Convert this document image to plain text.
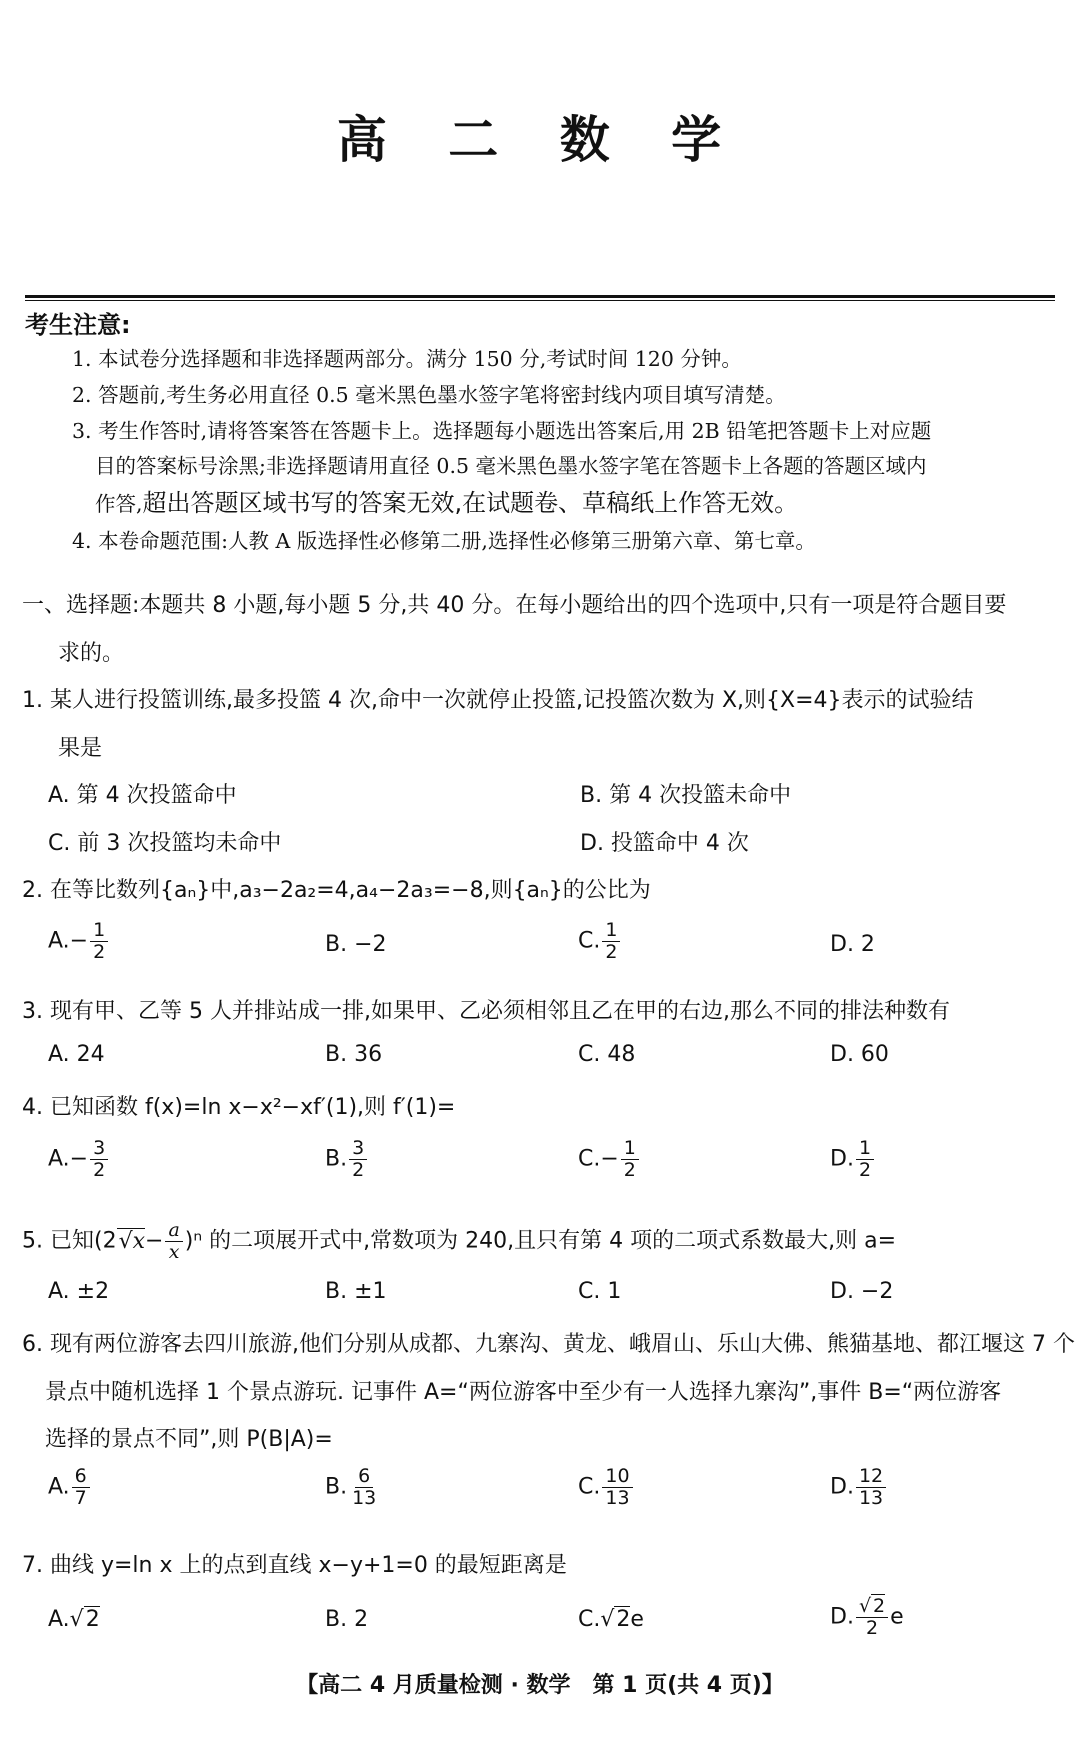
高 二 数 学
考生注意:
1. 本试卷分选择题和非选择题两部分。满分 150 分,考试时间 120 分钟。
2. 答题前,考生务必用直径 0.5 毫米黑色墨水签字笔将密封线内项目填写清楚。
3. 考生作答时,请将答案答在答题卡上。选择题每小题选出答案后,用 2B 铅笔把答题卡上对应题
目的答案标号涂黑;非选择题请用直径 0.5 毫米黑色墨水签字笔在答题卡上各题的答题区域内
作答,超出答题区域书写的答案无效,在试题卷、草稿纸上作答无效。
4. 本卷命题范围:人教 A 版选择性必修第二册,选择性必修第三册第六章、第七章。
一、选择题:本题共 8 小题,每小题 5 分,共 40 分。在每小题给出的四个选项中,只有一项是符合题目要
求的。
1. 某人进行投篮训练,最多投篮 4 次,命中一次就停止投篮,记投篮次数为 X,则{X=4}表示的试验结
果是
A. 第 4 次投篮命中	B. 第 4 次投篮未命中
C. 前 3 次投篮均未命中	D. 投篮命中 4 次
2. 在等比数列{aₙ}中,a₃−2a₂=4,a₄−2a₃=−8,则{aₙ}的公比为
$A.- \frac{1}{2}$	B. −2	C. $\frac{1}{2}$	D. 2
3. 现有甲、乙等 5 人并排站成一排,如果甲、乙必须相邻且乙在甲的右边,那么不同的排法种数有
A. 24	B. 36	C. 48	D. 60
4. 已知函数 f(x)=ln x−x²−xf′(1),则 f′(1)=
$A.- \frac{3}{2}$	B. $\frac{3}{2}$	$C.- \frac{1}{2}$	D. $\frac{1}{2}$
5. 已知$(2√x- \frac{a}{x} )^n$ 的二项展开式中,常数项为 240,且只有第 4 项的二项式系数最大,则 a=
A. ±2	B. ±1	C. 1	D. −2
6. 现有两位游客去四川旅游,他们分别从成都、九寨沟、黄龙、峨眉山、乐山大佛、熊猫基地、都江堰这 7 个
景点中随机选择 1 个景点游玩. 记事件 A=“两位游客中至少有一人选择九寨沟”,事件 B=“两位游客
选择的景点不同”,则 P(B|A)=
A. $\frac{6}{7}$	B. $\frac{6}{13}$	C. $\frac{10}{13}$	D. $\frac{12}{13}$
7. 曲线 y=ln x 上的点到直线 x−y+1=0 的最短距离是
A.√2	B. 2	C.√2e	D. $\frac{√ 2}{2}$ e
【高二 4 月质量检测 · 数学　第 1 页(共 4 页)】
